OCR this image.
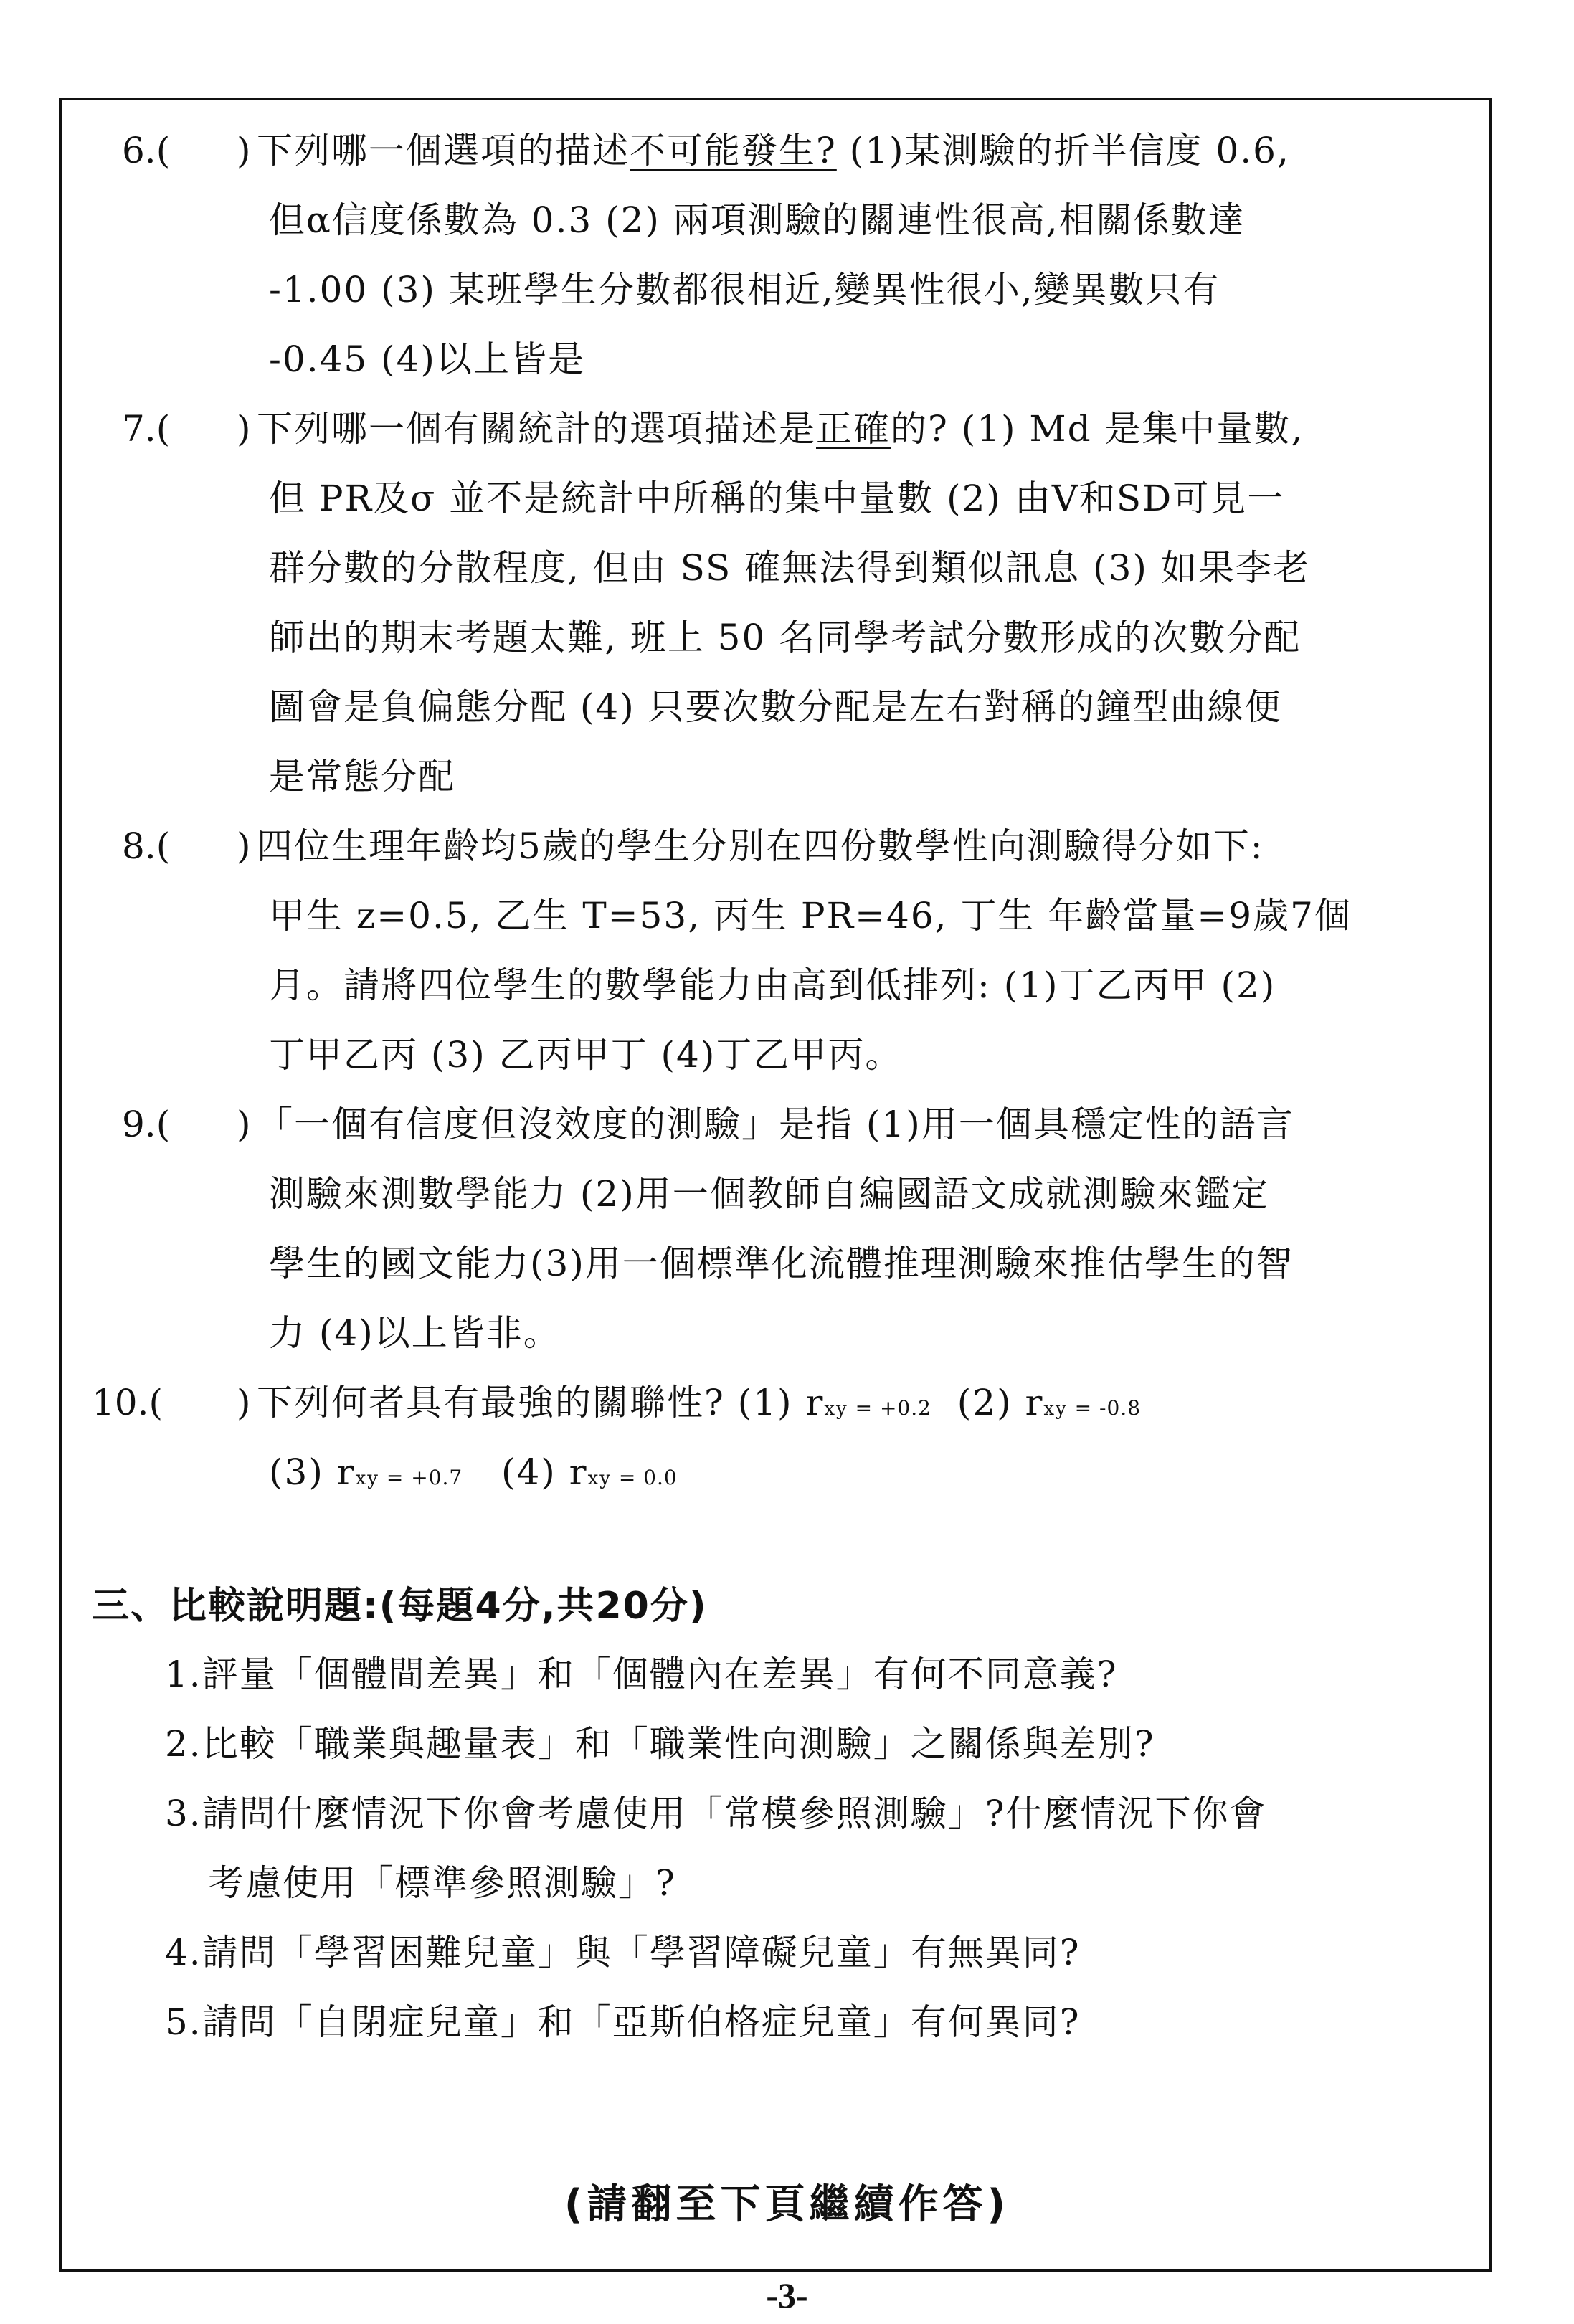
6.( ) 下列哪一個選項的描述不可能發生? (1)某測驗的折半信度 0.6,
但α信度係數為 0.3 (2) 兩項測驗的關連性很高,相關係數達
-1.00 (3) 某班學生分數都很相近,變異性很小,變異數只有
-0.45 (4)以上皆是
7.( ) 下列哪一個有關統計的選項描述是正確的? (1) Md 是集中量數,
但 PR及σ 並不是統計中所稱的集中量數 (2) 由V和SD可見一
群分數的分散程度, 但由 SS 確無法得到類似訊息 (3) 如果李老
師出的期末考題太難, 班上 50 名同學考試分數形成的次數分配
圖會是負偏態分配 (4) 只要次數分配是左右對稱的鐘型曲線便
是常態分配
8.( ) 四位生理年齡均5歲的學生分別在四份數學性向測驗得分如下:
甲生 z=0.5, 乙生 T=53, 丙生 PR=46, 丁生 年齡當量=9歲7個
月。請將四位學生的數學能力由高到低排列: (1)丁乙丙甲 (2)
丁甲乙丙 (3) 乙丙甲丁 (4)丁乙甲丙。
9.( ) 「一個有信度但沒效度的測驗」是指 (1)用一個具穩定性的語言
測驗來測數學能力 (2)用一個教師自編國語文成就測驗來鑑定
學生的國文能力(3)用一個標準化流體推理測驗來推估學生的智
力 (4)以上皆非。
10.( ) 下列何者具有最強的關聯性? (1) rxy = +0.2 (2) rxy = -0.8
(3) rxy = +0.7 (4) rxy = 0.0
三、比較說明題:(每題4分,共20分)
1.評量「個體間差異」和「個體內在差異」有何不同意義?
2.比較「職業與趣量表」和「職業性向測驗」之關係與差別?
3.請問什麼情況下你會考慮使用「常模參照測驗」?什麼情況下你會
考慮使用「標準參照測驗」?
4.請問「學習困難兒童」與「學習障礙兒童」有無異同?
5.請問「自閉症兒童」和「亞斯伯格症兒童」有何異同?
(請翻至下頁繼續作答)
-3-
